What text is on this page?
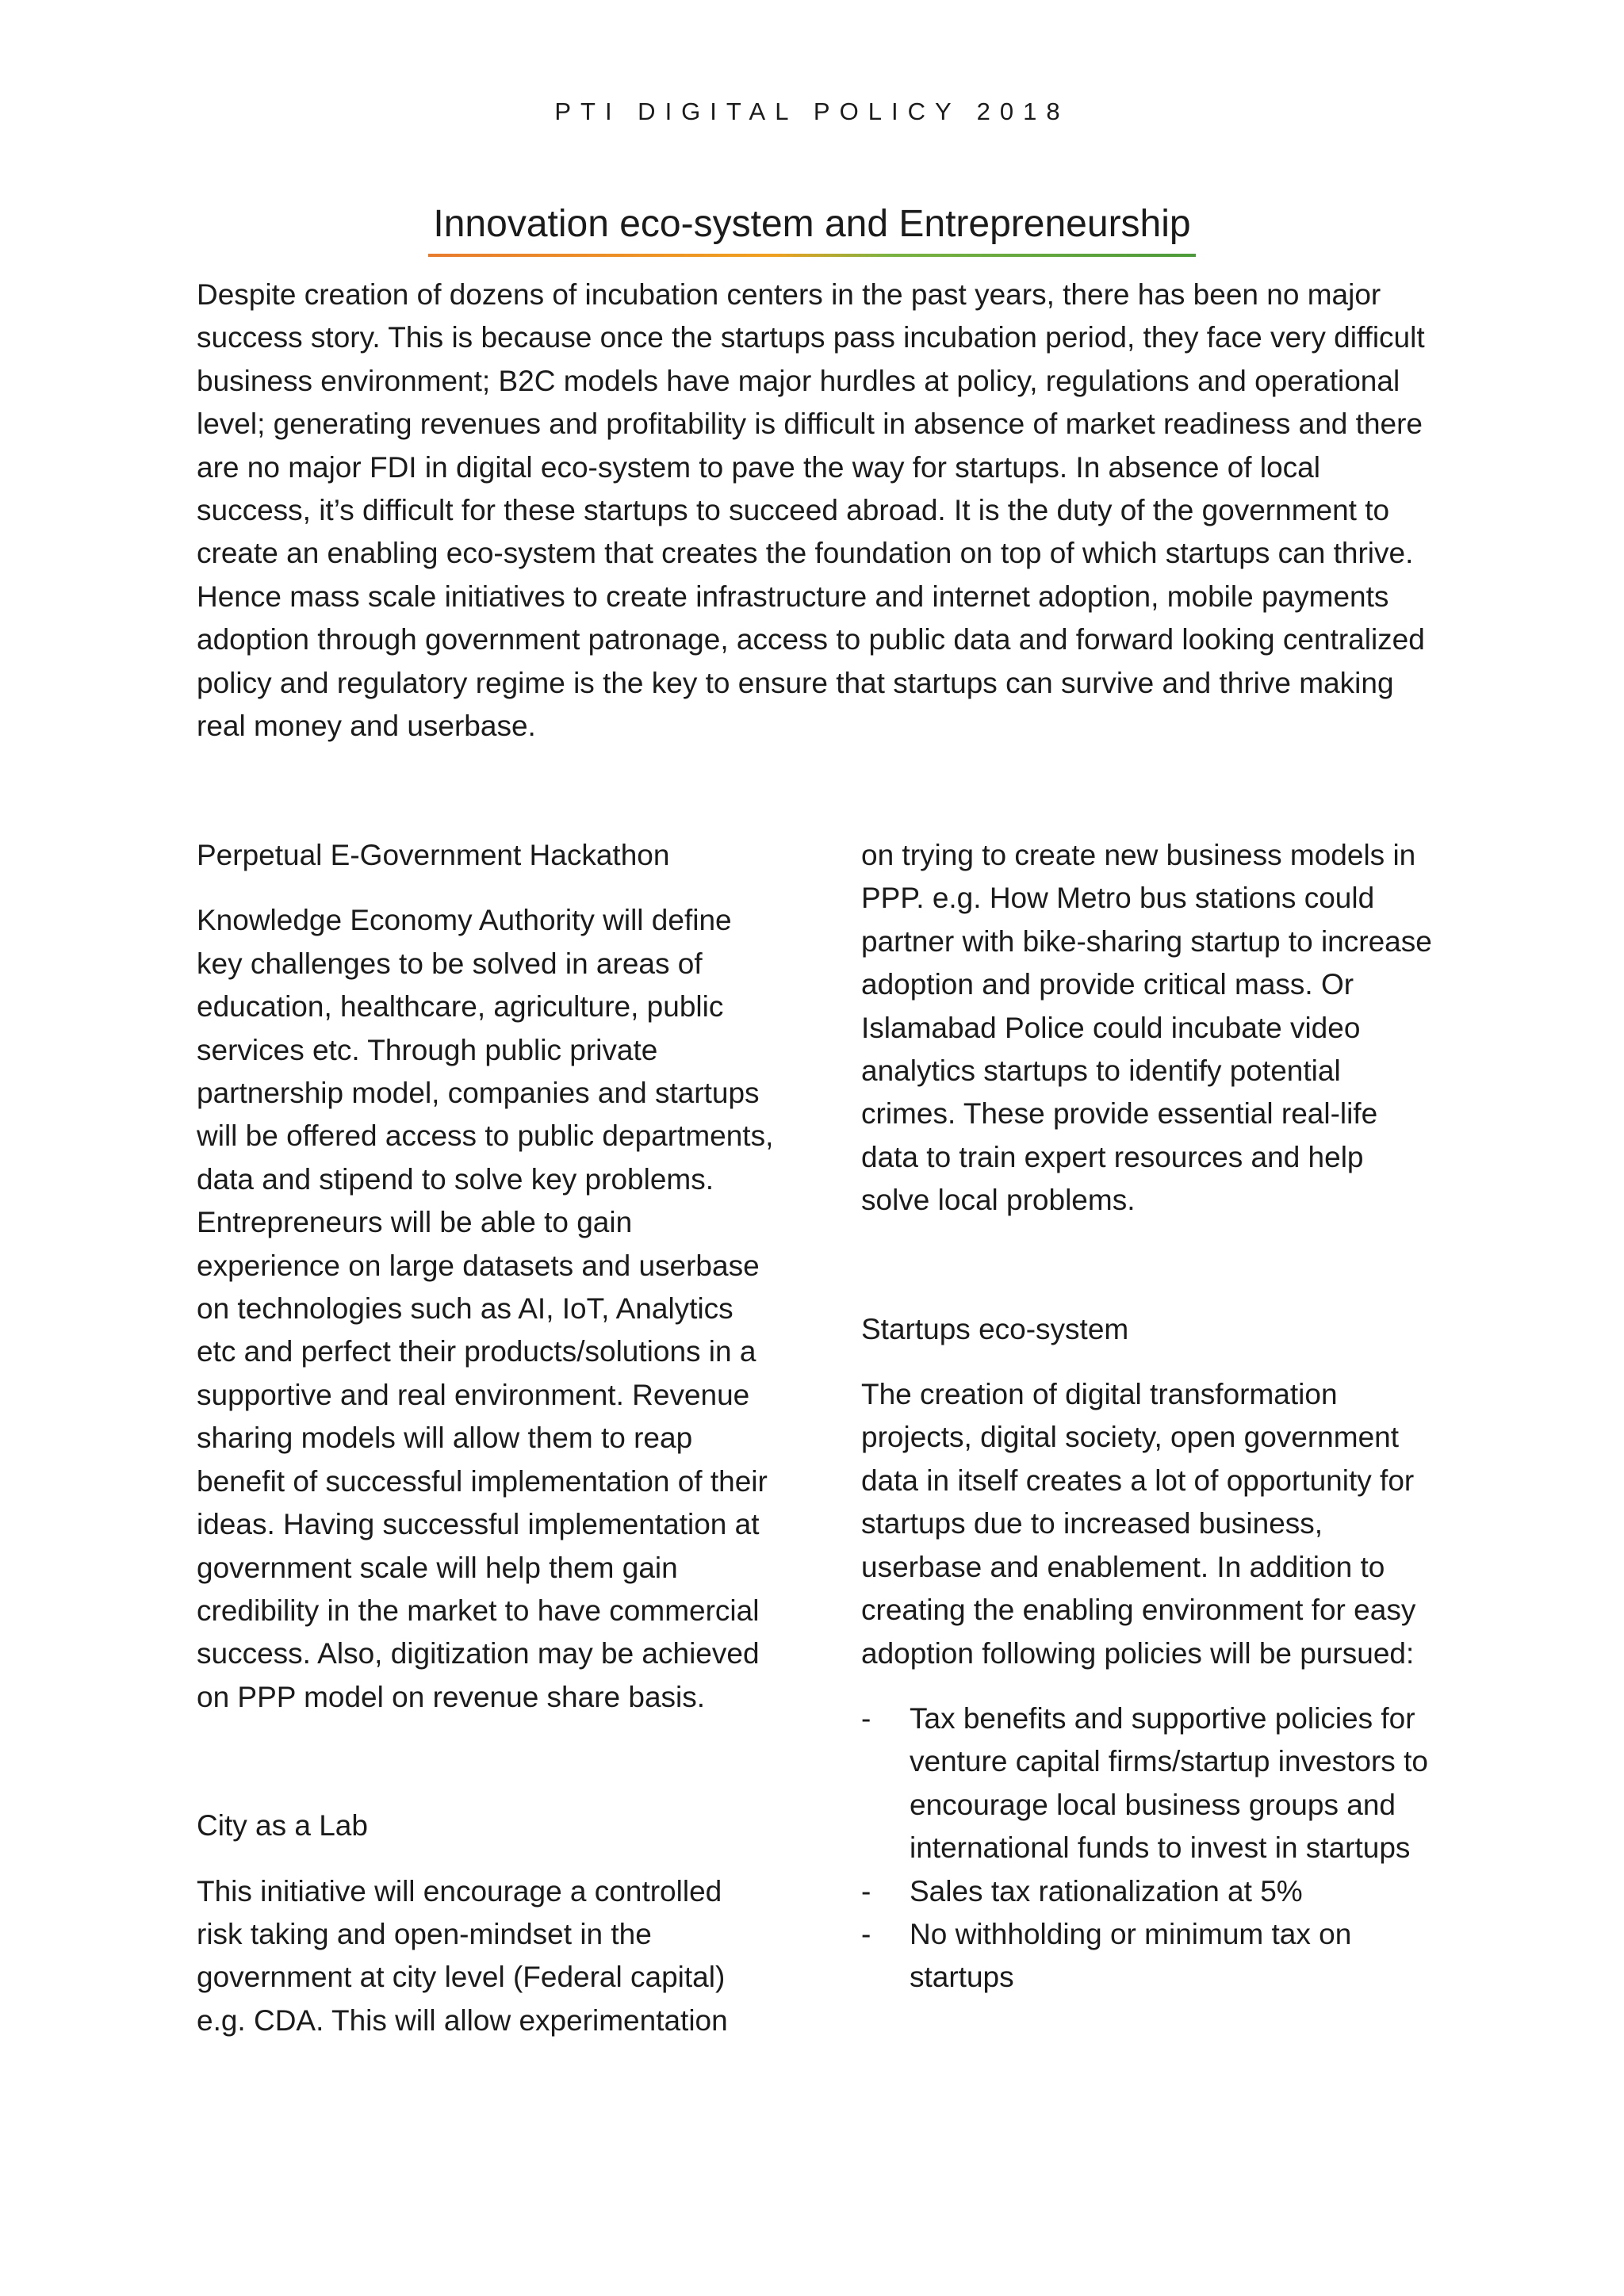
PTI DIGITAL POLICY 2018
Innovation eco-system and Entrepreneurship

Despite creation of dozens of incubation centers in the past years, there has been no major success story. This is because once the startups pass incubation period, they face very difficult business environment; B2C models have major hurdles at policy, regulations and operational level; generating revenues and profitability is difficult in absence of market readiness and there are no major FDI in digital eco-system to pave the way for startups. In absence of local success, it’s difficult for these startups to succeed abroad. It is the duty of the government to create an enabling eco-system that creates the foundation on top of which startups can thrive. Hence mass scale initiatives to create infrastructure and internet adoption, mobile payments adoption through government patronage, access to public data and forward looking centralized policy and regulatory regime is the key to ensure that startups can survive and thrive making real money and userbase.

Perpetual E-Government Hackathon

Knowledge Economy Authority will define key challenges to be solved in areas of education, healthcare, agriculture, public services etc. Through public private partnership model, companies and startups will be offered access to public departments, data and stipend to solve key problems. Entrepreneurs will be able to gain experience on large datasets and userbase on technologies such as AI, IoT, Analytics etc and perfect their products/solutions in a supportive and real environment. Revenue sharing models will allow them to reap benefit of successful implementation of their ideas. Having successful implementation at government scale will help them gain credibility in the market to have commercial success. Also, digitization may be achieved on PPP model on revenue share basis.

City as a Lab

This initiative will encourage a controlled risk taking and open-mindset in the government at city level (Federal capital) e.g. CDA. This will allow experimentation

on trying to create new business models in PPP. e.g. How Metro bus stations could partner with bike-sharing startup to increase adoption and provide critical mass. Or Islamabad Police could incubate video analytics startups to identify potential crimes. These provide essential real-life data to train expert resources and help solve local problems.

Startups eco-system

The creation of digital transformation projects, digital society, open government data in itself creates a lot of opportunity for startups due to increased business, userbase and enablement. In addition to creating the enabling environment for easy adoption following policies will be pursued:

- Tax benefits and supportive policies for venture capital firms/startup investors to encourage local business groups and international funds to invest in startups
- Sales tax rationalization at 5%
- No withholding or minimum tax on startups
